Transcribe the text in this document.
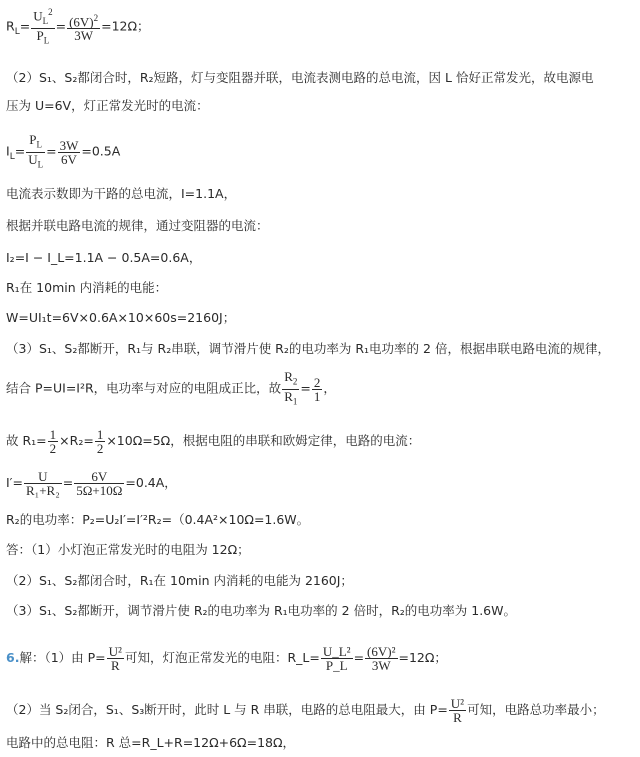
$R_L= \frac{U_L^2}{P_L} = \frac{(6V)^2}{3W} =12\Omega$；
（2）S₁、S₂都闭合时，R₂短路，灯与变阻器并联，电流表测电路的总电流，因 L 恰好正常发光，故电源电
压为 U=6V，灯正常发光时的电流：
$I_L= \frac{P_L}{U_L} = \frac{3W}{6V} =0.5A$
电流表示数即为干路的总电流，I=1.1A，
根据并联电路电流的规律，通过变阻器的电流：
I₂=I − I_L=1.1A − 0.5A=0.6A，
R₁在 10min 内消耗的电能：
W=UI₁t=6V×0.6A×10×60s=2160J；
（3）S₁、S₂都断开，R₁与 R₂串联，调节滑片使 R₂的电功率为 R₁电功率的 2 倍，根据串联电路电流的规律，
结合 P=UI=I²R，电功率与对应的电阻成正比，故 $\frac{R_2}{R_1} = \frac{2}{1}$ ，
故 $R_1= \frac{1}{2} \times R_2= \frac{1}{2} \times 10\Omega=5\Omega$，根据电阻的串联和欧姆定律，电路的电流：
$I'= \frac{U}{\text{R₁+R₂}} = \frac{6V}{5\Omega+10\Omega} =0.4A$，
R₂的电功率：P₂=U₂I′=I′²R₂=（0.4A²×10Ω=1.6W。
答：（1）小灯泡正常发光时的电阻为 12Ω；
（2）S₁、S₂都闭合时，R₁在 10min 内消耗的电能为 2160J；
（3）S₁、S₂都断开，调节滑片使 R₂的电功率为 R₁电功率的 2 倍时，R₂的电功率为 1.6W。
6.解：（1）由 $P= \frac{\text{U²}}{R}$ 可知，灯泡正常发光的电阻：R_L= $\frac{\text{U\_L²}}{P\_L} = \frac{\text{(6V)²}}{3W} =12\Omega$；
（2）当 S₂闭合，S₁、S₃断开时，此时 L 与 R 串联，电路的总电阻最大，由 $P= \frac{\text{U²}}{R}$ 可知，电路总功率最小；
电路中的总电阻：R 总=R_L+R=12Ω+6Ω=18Ω，
